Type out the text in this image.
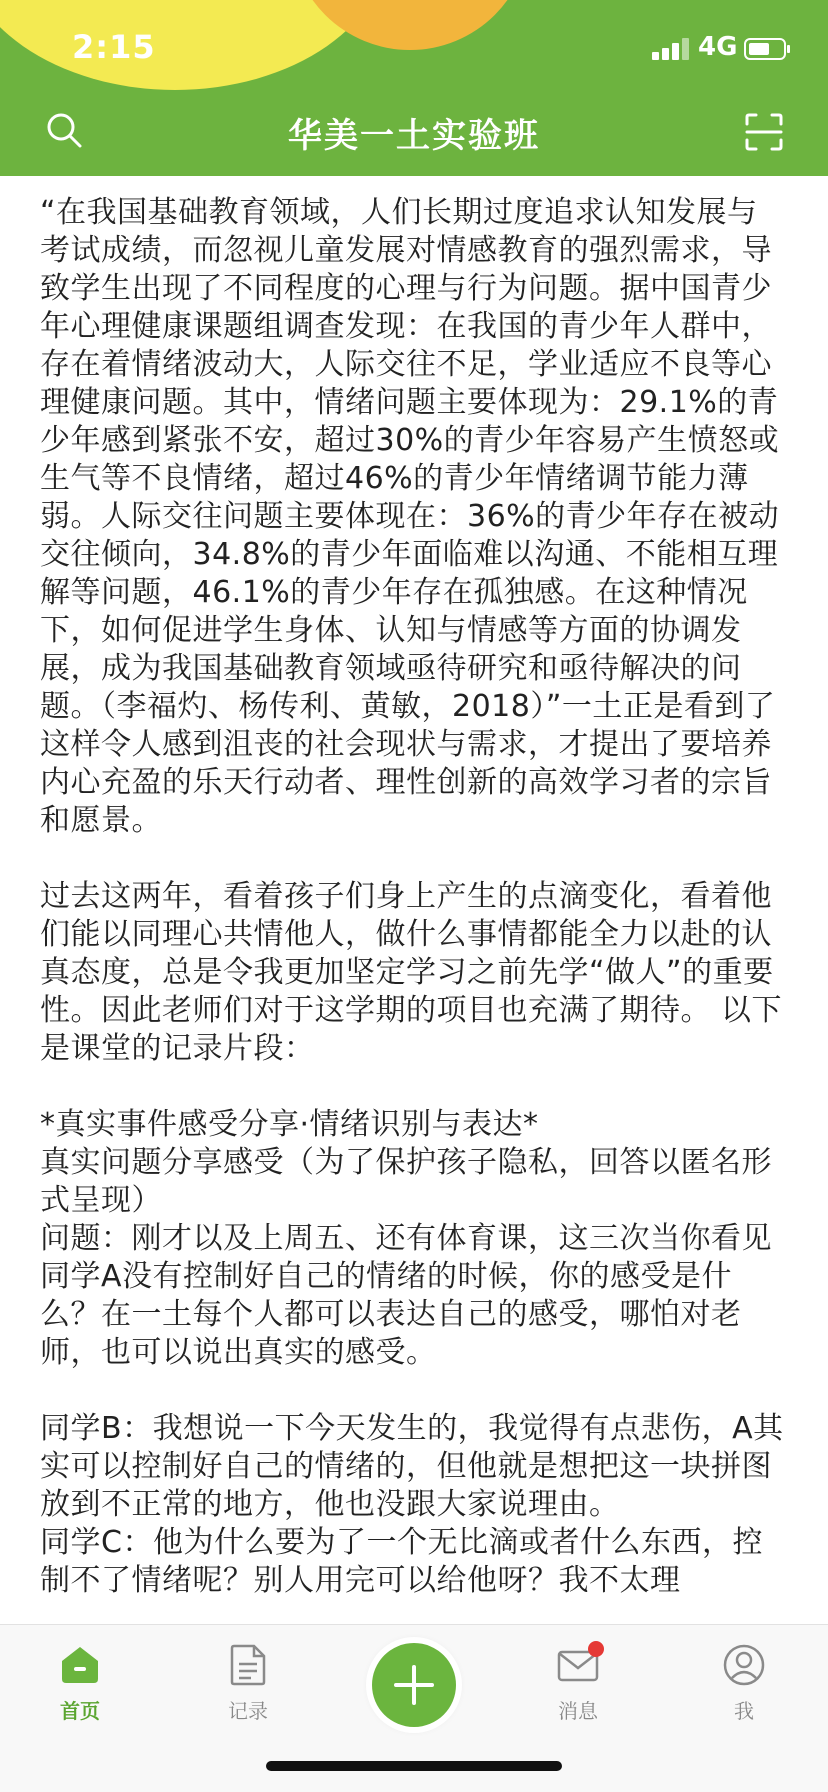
2:15	4G
华美一土实验班

“在我国基础教育领域，人们长期过度追求认知发展与考试成绩，而忽视儿童发展对情感教育的强烈需求，导致学生出现了不同程度的心理与行为问题。据中国青少年心理健康课题组调查发现：在我国的青少年人群中，存在着情绪波动大，人际交往不足，学业适应不良等心理健康问题。其中，情绪问题主要体现为：29.1%的青少年感到紧张不安，超过30%的青少年容易产生愤怒或生气等不良情绪，超过46%的青少年情绪调节能力薄弱。人际交往问题主要体现在：36%的青少年存在被动交往倾向，34.8%的青少年面临难以沟通、不能相互理解等问题，46.1%的青少年存在孤独感。在这种情况下，如何促进学生身体、认知与情感等方面的协调发展，成为我国基础教育领域亟待研究和亟待解决的问题。（李福灼、杨传利、黄敏，2018）”一土正是看到了这样令人感到沮丧的社会现状与需求，才提出了要培养内心充盈的乐天行动者、理性创新的高效学习者的宗旨和愿景。

过去这两年，看着孩子们身上产生的点滴变化，看着他们能以同理心共情他人，做什么事情都能全力以赴的认真态度，总是令我更加坚定学习之前先学“做人”的重要性。因此老师们对于这学期的项目也充满了期待。 以下是课堂的记录片段：

*真实事件感受分享·情绪识别与表达*
真实问题分享感受（为了保护孩子隐私，回答以匿名形式呈现）
问题：刚才以及上周五、还有体育课，这三次当你看见同学A没有控制好自己的情绪的时候，你的感受是什么？在一土每个人都可以表达自己的感受，哪怕对老师，也可以说出真实的感受。

同学B：我想说一下今天发生的，我觉得有点悲伤，A其实可以控制好自己的情绪的，但他就是想把这一块拼图放到不正常的地方，他也没跟大家说理由。
同学C：他为什么要为了一个无比滴或者什么东西，控制不了情绪呢？别人用完可以给他呀？我不太理

首页	记录	消息	我
